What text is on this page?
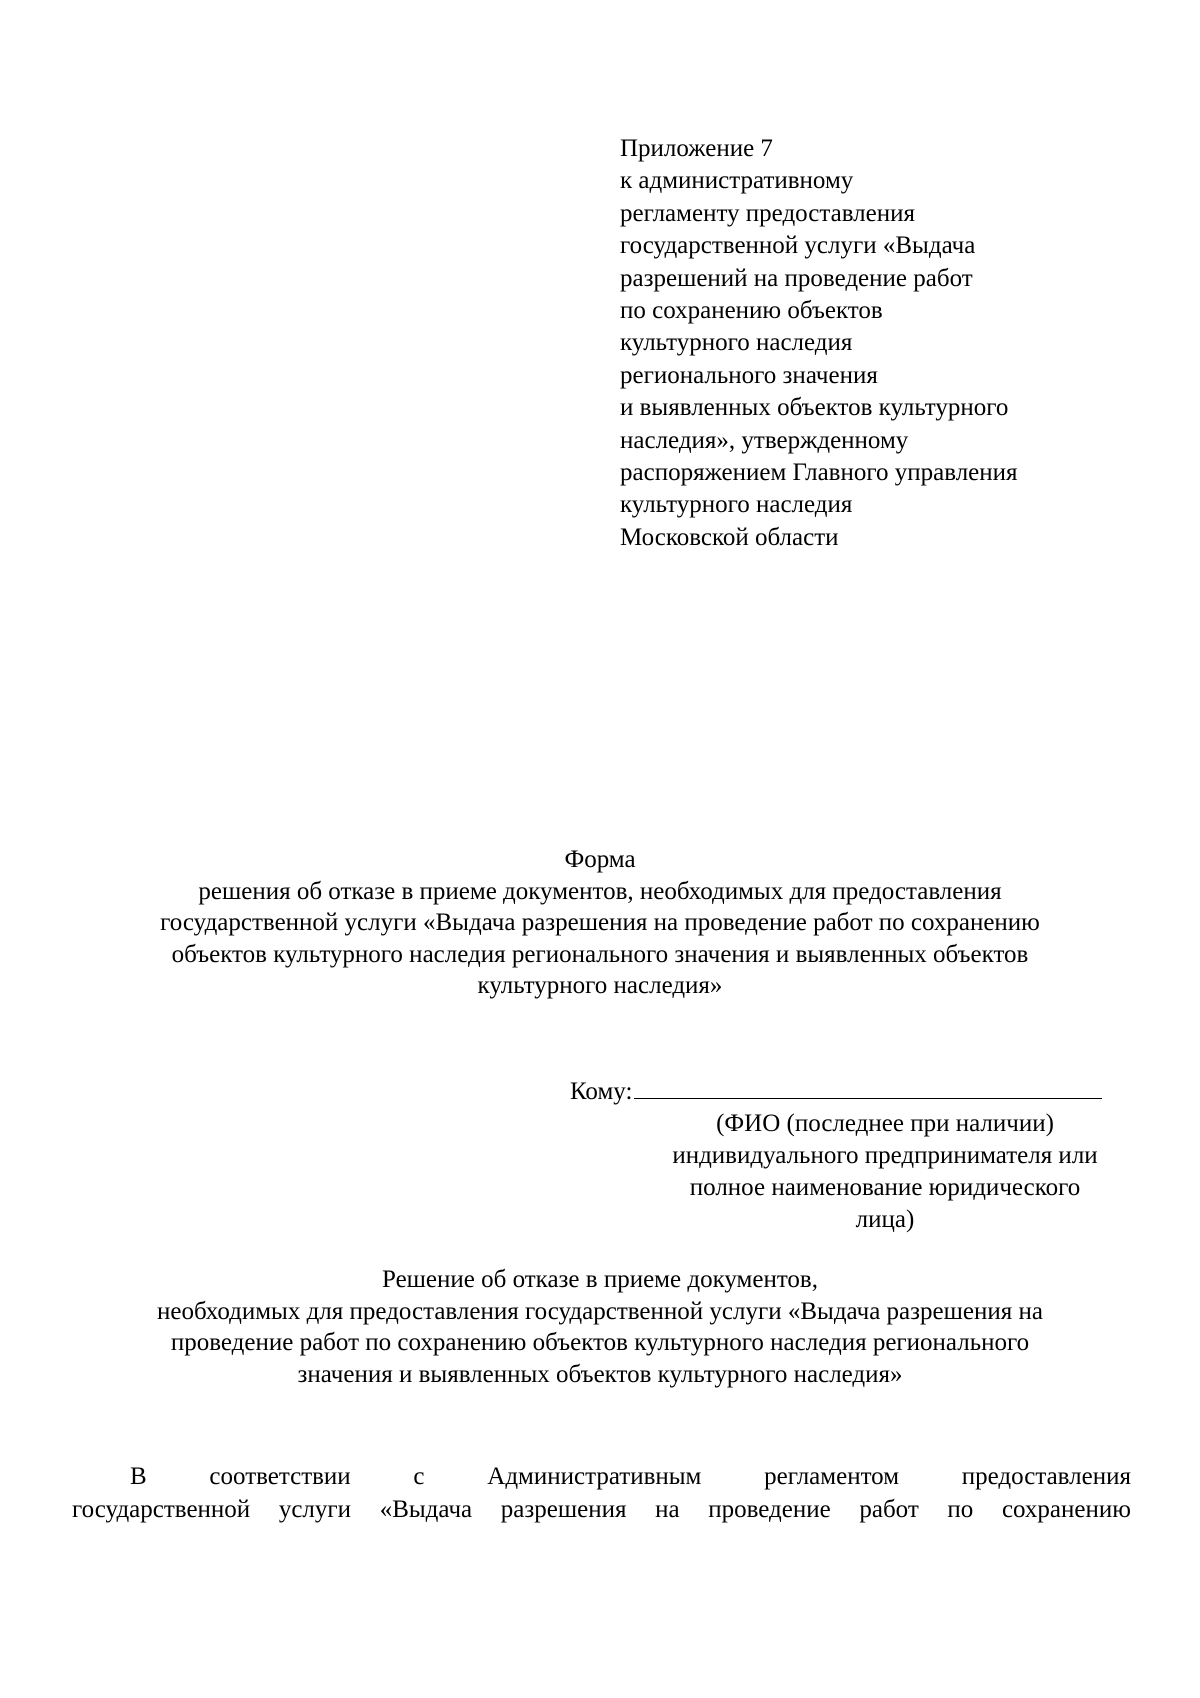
Приложение 7
к административному
регламенту предоставления
государственной услуги «Выдача
разрешений на проведение работ
по сохранению объектов
культурного наследия
регионального значения
и выявленных объектов культурного
наследия», утвержденному
распоряжением Главного управления
культурного наследия
Московской области
Форма
решения об отказе в приеме документов, необходимых для предоставления
государственной услуги «Выдача разрешения на проведение работ по сохранению
объектов культурного наследия регионального значения и выявленных объектов
культурного наследия»
Кому:
(ФИО (последнее при наличии)
индивидуального предпринимателя или
полное наименование юридического
лица)
Решение об отказе в приеме документов,
необходимых для предоставления государственной услуги «Выдача разрешения на
проведение работ по сохранению объектов культурного наследия регионального
значения и выявленных объектов культурного наследия»
В	соответствии	с	Административным	регламентом	предоставления
государственной услуги «Выдача разрешения на проведение работ по сохранению
